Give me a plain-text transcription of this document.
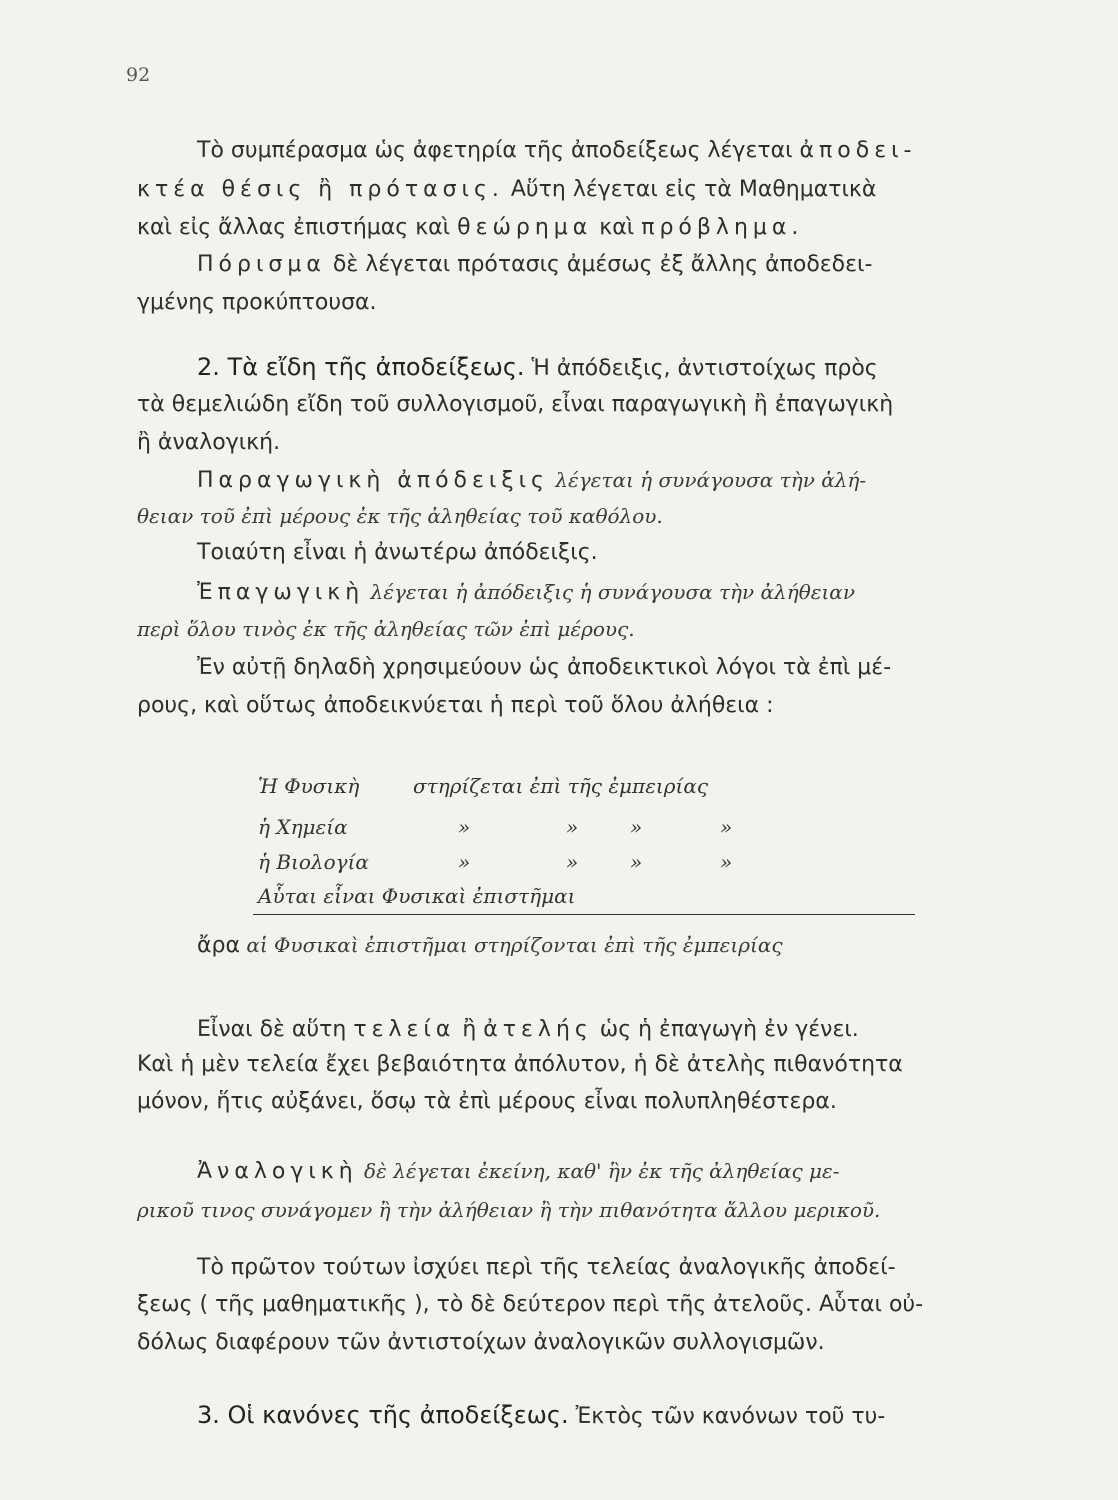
92
Τὸ συμπέρασμα ὡς ἀφετηρία τῆς ἀποδείξεως λέγεται ἀποδει-
κτέα θέσις ἢ πρότασις. Αὕτη λέγεται εἰς τὰ Μαθηματικὰ
καὶ εἰς ἄλλας ἐπιστήμας καὶ θεώρημα καὶ πρόβλημα.
Πόρισμα δὲ λέγεται πρότασις ἀμέσως ἐξ ἄλλης ἀποδεδει-
γμένης προκύπτουσα.
2. Τὰ εἴδη τῆς ἀποδείξεως. Ἡ ἀπόδειξις, ἀντιστοίχως πρὸς
τὰ θεμελιώδη εἴδη τοῦ συλλογισμοῦ, εἶναι παραγωγικὴ ἢ ἐπαγωγικὴ
ἢ ἀναλογική.
Παραγωγικὴ ἀπόδειξις λέγεται ἡ συνάγουσα τὴν ἀλή-
θειαν τοῦ ἐπὶ μέρους ἐκ τῆς ἀληθείας τοῦ καθόλου.
Τοιαύτη εἶναι ἡ ἀνωτέρω ἀπόδειξις.
Ἐπαγωγικὴ λέγεται ἡ ἀπόδειξις ἡ συνάγουσα τὴν ἀλήθειαν
περὶ ὅλου τινὸς ἐκ τῆς ἀληθείας τῶν ἐπὶ μέρους.
Ἐν αὐτῇ δηλαδὴ χρησιμεύουν ὡς ἀποδεικτικοὶ λόγοι τὰ ἐπὶ μέ-
ρους, καὶ οὕτως ἀποδεικνύεται ἡ περὶ τοῦ ὅλου ἀλήθεια :
Ἡ Φυσικὴ	στηρίζεται ἐπὶ τῆς ἐμπειρίας
ἡ Χημεία	»	»	»	»
ἡ Βιολογία	»	»	»	»
Αὗται εἶναι Φυσικαὶ ἐπιστῆμαι
ἄρα αἱ Φυσικαὶ ἐπιστῆμαι στηρίζονται ἐπὶ τῆς ἐμπειρίας
Εἶναι δὲ αὕτη τελεία ἢ ἀτελής ὡς ἡ ἐπαγωγὴ ἐν γένει.
Καὶ ἡ μὲν τελεία ἔχει βεβαιότητα ἀπόλυτον, ἡ δὲ ἀτελὴς πιθανότητα
μόνον, ἥτις αὐξάνει, ὅσῳ τὰ ἐπὶ μέρους εἶναι πολυπληθέστερα.
Ἀναλογικὴ δὲ λέγεται ἐκείνη, καθ' ἣν ἐκ τῆς ἀληθείας με-
ρικοῦ τινος συνάγομεν ἢ τὴν ἀλήθειαν ἢ τὴν πιθανότητα ἄλλου μερικοῦ.
Τὸ πρῶτον τούτων ἰσχύει περὶ τῆς τελείας ἀναλογικῆς ἀποδεί-
ξεως ( τῆς μαθηματικῆς ), τὸ δὲ δεύτερον περὶ τῆς ἀτελοῦς. Αὗται οὐ-
δόλως διαφέρουν τῶν ἀντιστοίχων ἀναλογικῶν συλλογισμῶν.
3. Οἱ κανόνες τῆς ἀποδείξεως. Ἐκτὸς τῶν κανόνων τοῦ τυ-
